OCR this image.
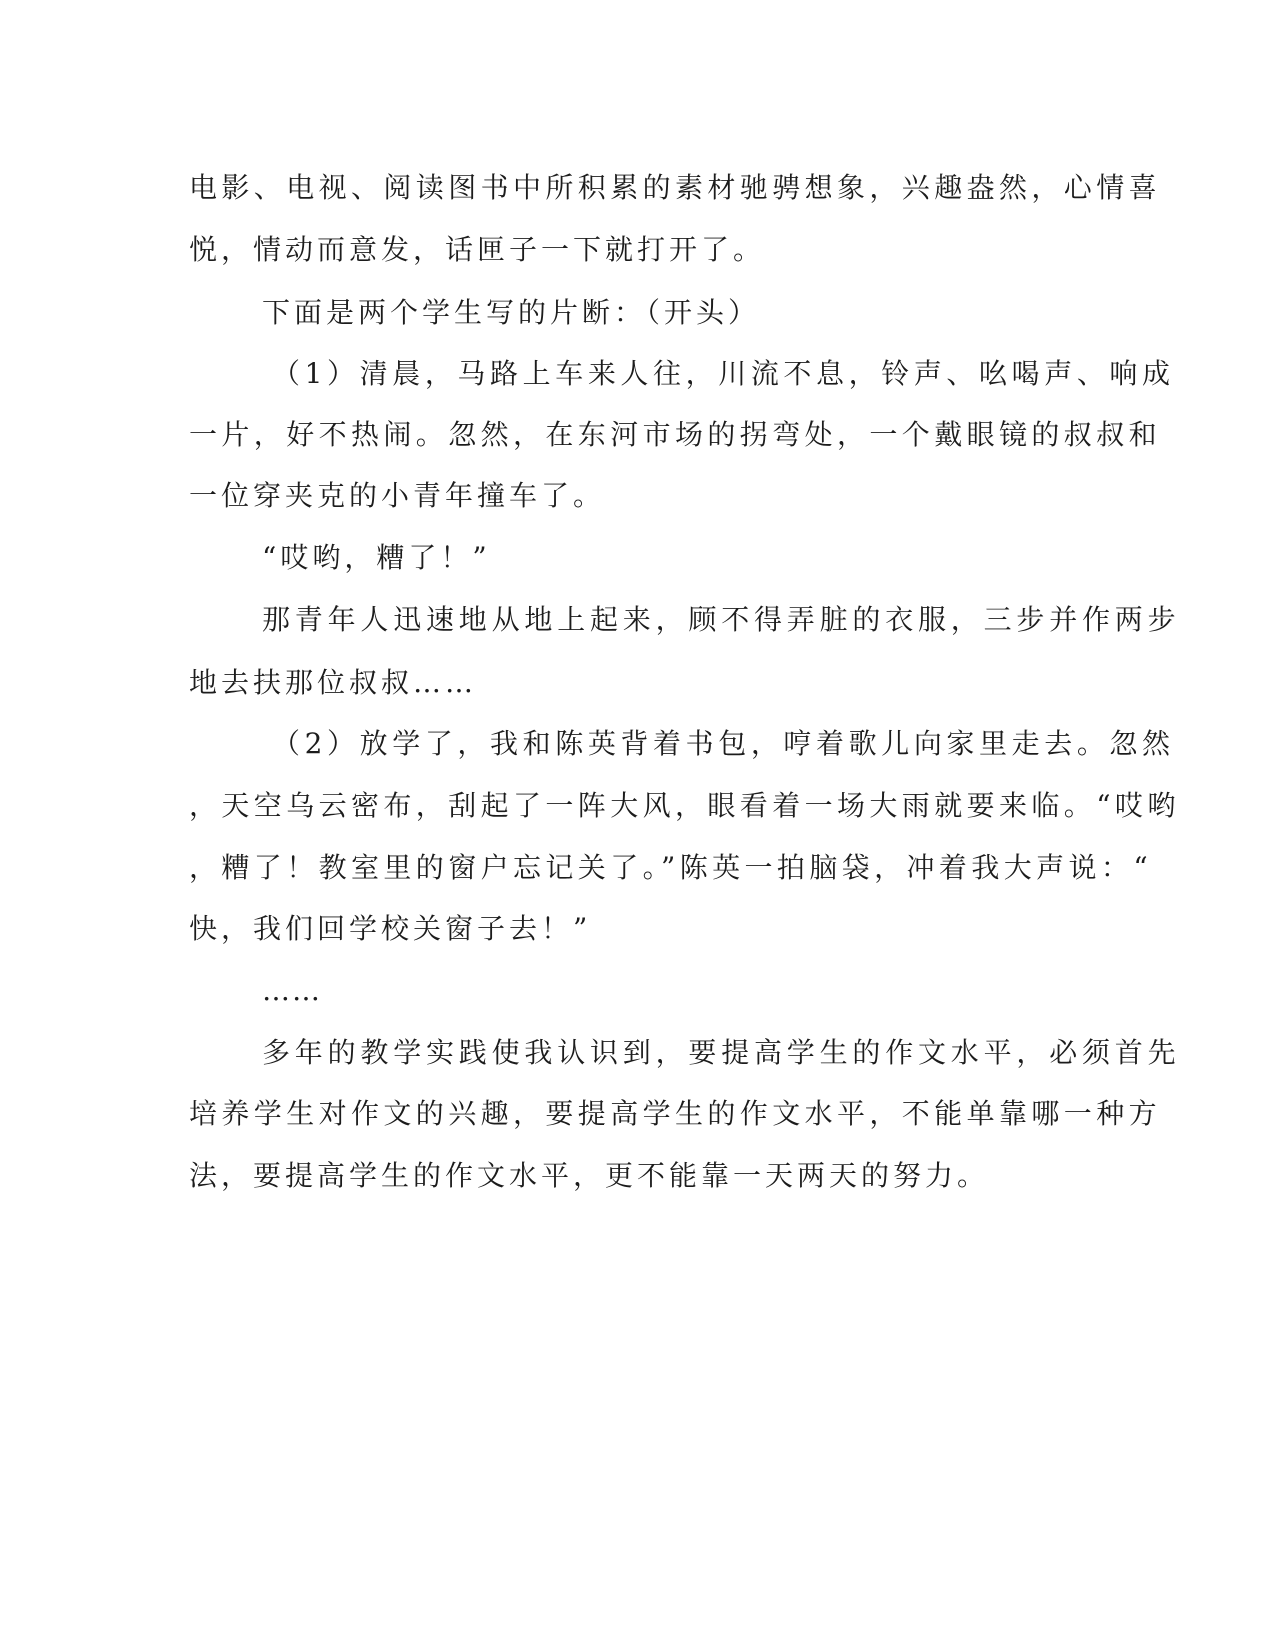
电影、电视、阅读图书中所积累的素材驰骋想象，兴趣盎然，心情喜

悦，情动而意发，话匣子一下就打开了。

下面是两个学生写的片断：（开头）

（1）清晨，马路上车来人往，川流不息，铃声、吆喝声、响成

一片，好不热闹。忽然，在东河市场的拐弯处，一个戴眼镜的叔叔和

一位穿夹克的小青年撞车了。

“哎哟，糟了！”

那青年人迅速地从地上起来，顾不得弄脏的衣服，三步并作两步

地去扶那位叔叔……

（2）放学了，我和陈英背着书包，哼着歌儿向家里走去。忽然

，天空乌云密布，刮起了一阵大风，眼看着一场大雨就要来临。“哎哟

，糟了！教室里的窗户忘记关了。”陈英一拍脑袋，冲着我大声说：“

快，我们回学校关窗子去！”

……

多年的教学实践使我认识到，要提高学生的作文水平，必须首先

培养学生对作文的兴趣，要提高学生的作文水平，不能单靠哪一种方

法，要提高学生的作文水平，更不能靠一天两天的努力。
